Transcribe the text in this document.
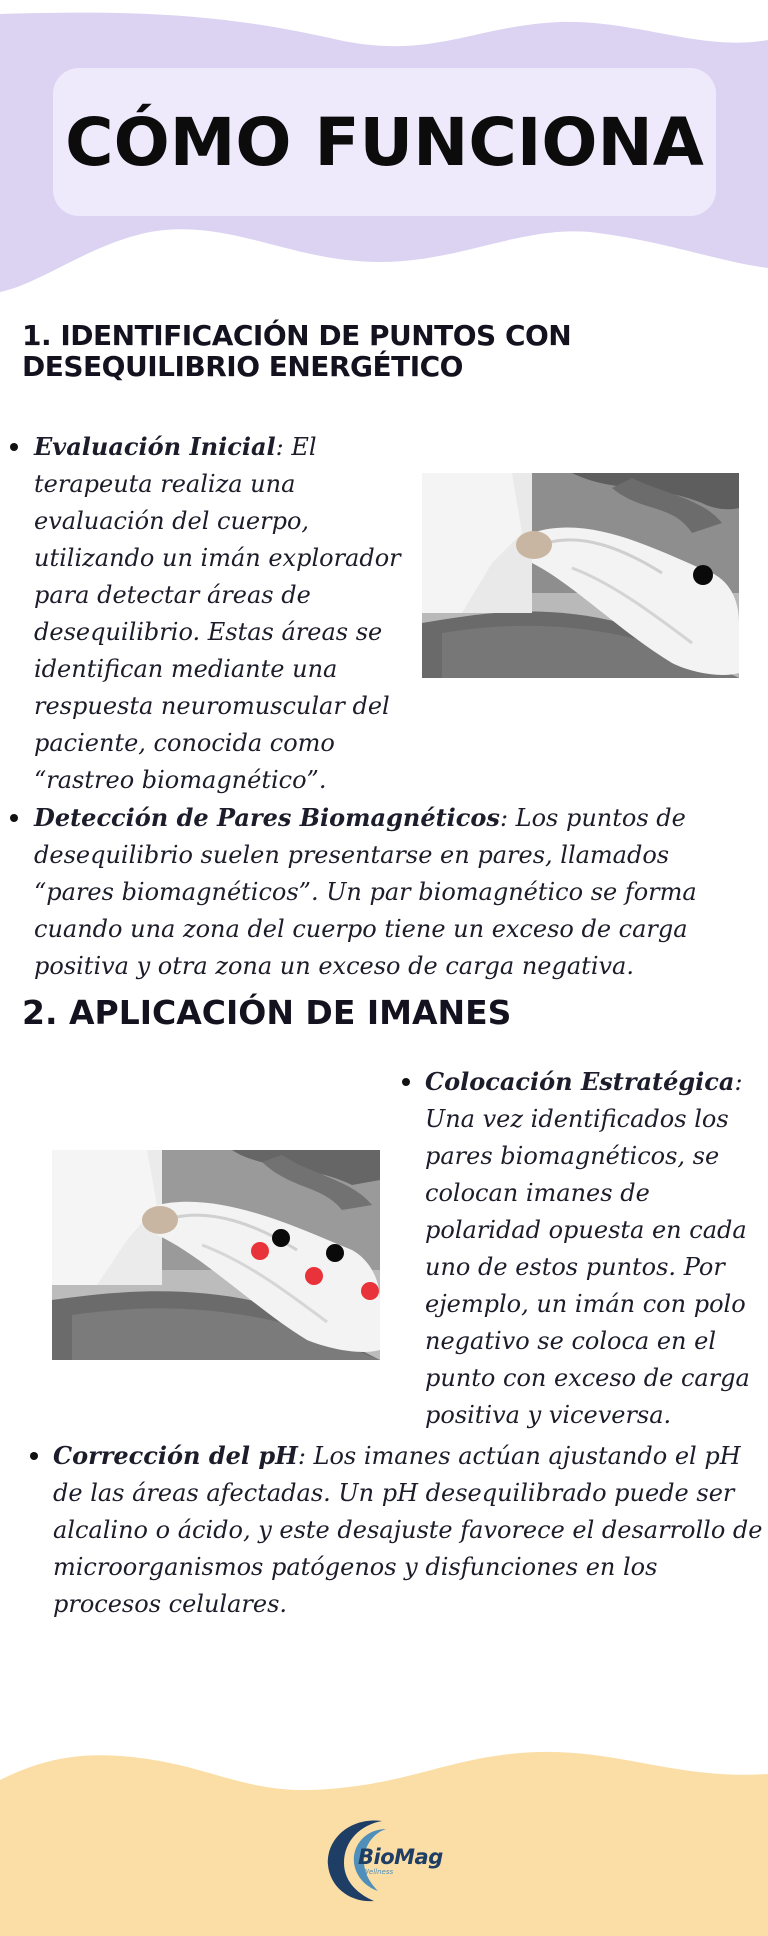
CÓMO FUNCIONA
1. IDENTIFICACIÓN DE PUNTOS CON DESEQUILIBRIO ENERGÉTICO
Evaluación Inicial: El terapeuta realiza una evaluación del cuerpo, utilizando un imán explorador para detectar áreas de desequilibrio. Estas áreas se identifican mediante una respuesta neuromuscular del paciente, conocida como “rastreo biomagnético”.
Detección de Pares Biomagnéticos: Los puntos de desequilibrio suelen presentarse en pares, llamados “pares biomagnéticos”. Un par biomagnético se forma cuando una zona del cuerpo tiene un exceso de carga positiva y otra zona un exceso de carga negativa.
2. APLICACIÓN DE IMANES
Colocación Estratégica: Una vez identificados los pares biomagnéticos, se colocan imanes de polaridad opuesta en cada uno de estos puntos. Por ejemplo, un imán con polo negativo se coloca en el punto con exceso de carga positiva y viceversa.
Corrección del pH: Los imanes actúan ajustando el pH de las áreas afectadas. Un pH desequilibrado puede ser alcalino o ácido, y este desajuste favorece el desarrollo de microorganismos patógenos y disfunciones en los procesos celulares.
BioMag
Wellness
